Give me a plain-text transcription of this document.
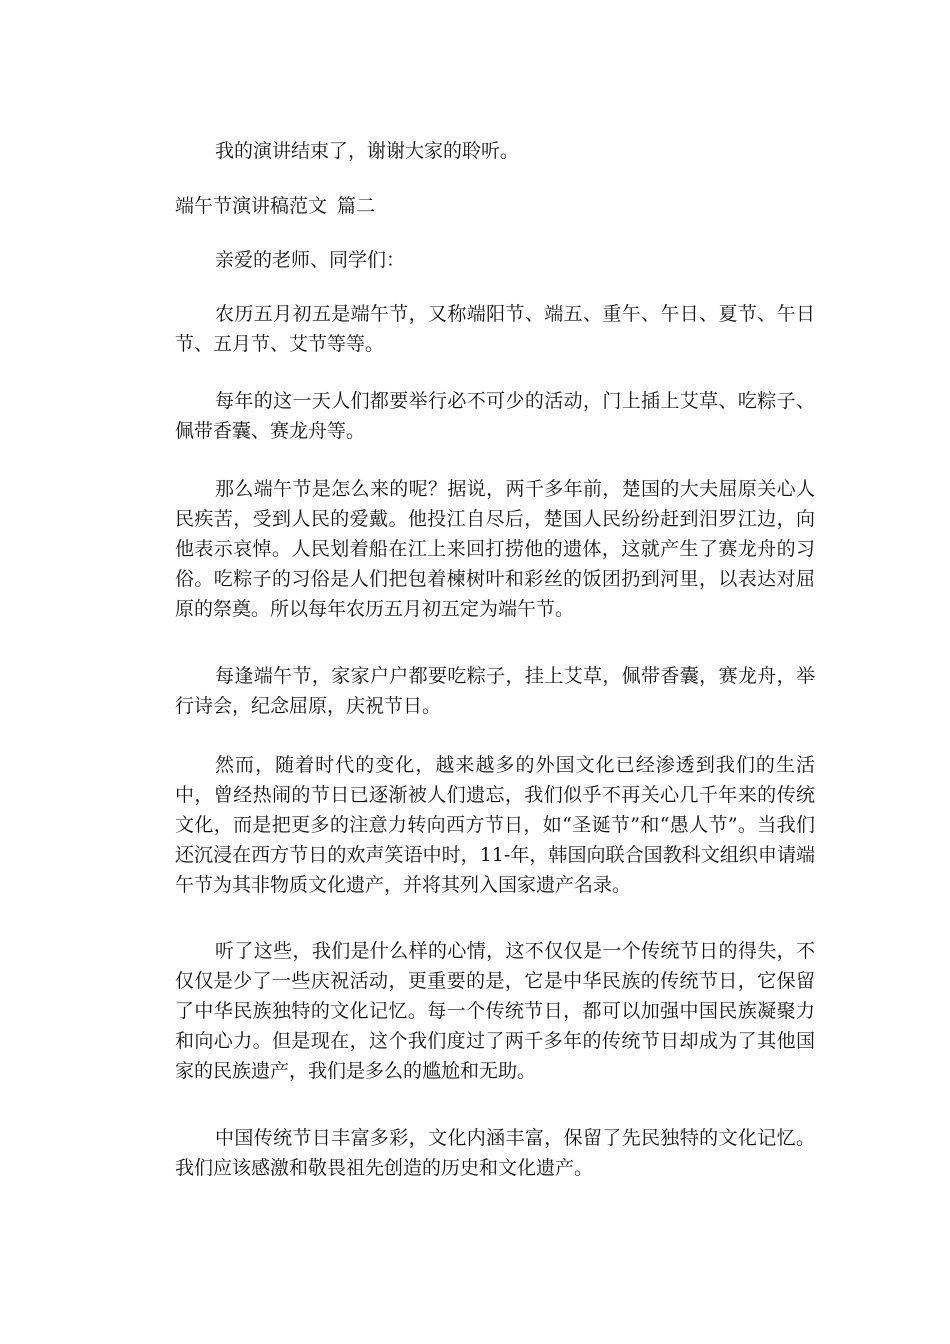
我的演讲结束了，谢谢大家的聆听。

端午节演讲稿范文 篇二

亲爱的老师、同学们：

农历五月初五是端午节，又称端阳节、端五、重午、午日、夏节、午日节、五月节、艾节等等。

每年的这一天人们都要举行必不可少的活动，门上插上艾草、吃粽子、佩带香囊、赛龙舟等。

那么端午节是怎么来的呢？据说，两千多年前，楚国的大夫屈原关心人民疾苦，受到人民的爱戴。他投江自尽后，楚国人民纷纷赶到汨罗江边，向他表示哀悼。人民划着船在江上来回打捞他的遗体，这就产生了赛龙舟的习俗。吃粽子的习俗是人们把包着楝树叶和彩丝的饭团扔到河里，以表达对屈原的祭奠。所以每年农历五月初五定为端午节。

每逢端午节，家家户户都要吃粽子，挂上艾草，佩带香囊，赛龙舟，举行诗会，纪念屈原，庆祝节日。

然而，随着时代的变化，越来越多的外国文化已经渗透到我们的生活中，曾经热闹的节日已逐渐被人们遗忘，我们似乎不再关心几千年来的传统文化，而是把更多的注意力转向西方节日，如“圣诞节”和“愚人节”。当我们还沉浸在西方节日的欢声笑语中时，11-年，韩国向联合国教科文组织申请端午节为其非物质文化遗产，并将其列入国家遗产名录。

听了这些，我们是什么样的心情，这不仅仅是一个传统节日的得失，不仅仅是少了一些庆祝活动，更重要的是，它是中华民族的传统节日，它保留了中华民族独特的文化记忆。每一个传统节日，都可以加强中国民族凝聚力和向心力。但是现在，这个我们度过了两千多年的传统节日却成为了其他国家的民族遗产，我们是多么的尴尬和无助。

中国传统节日丰富多彩，文化内涵丰富，保留了先民独特的文化记忆。我们应该感激和敬畏祖先创造的历史和文化遗产。
